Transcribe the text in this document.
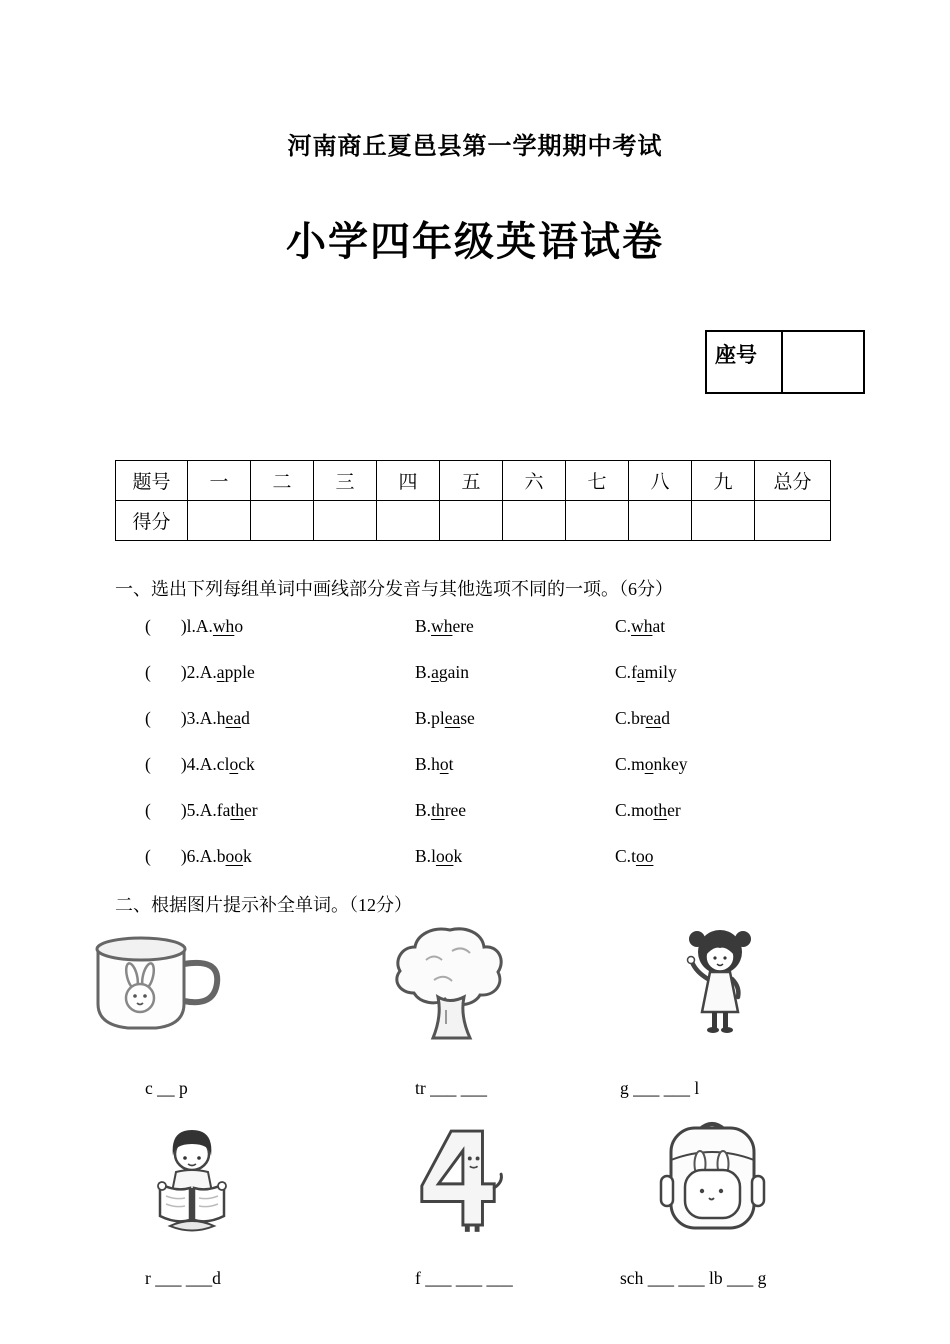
河南商丘夏邑县第一学期期中考试
小学四年级英语试卷
座号
题号	一	二	三	四	五	六	七	八	九	总分
得分										
一、选出下列每组单词中画线部分发音与其他选项不同的一项。（6分）
( )l.A.who	B.where	C.what
( )2.A.apple	B.again	C.family
( )3.A.head	B.please	C.bread
( )4.A.clock	B.hot	C.monkey
( )5.A.father	B.three	C.mother
( )6.A.book	B.look	C.too
二、根据图片提示补全单词。（12分）
c __ p	tr ___ ___	g ___ ___ l
r ___ ___d	f ___ ___ ___	sch ___ ___ lb ___ g
